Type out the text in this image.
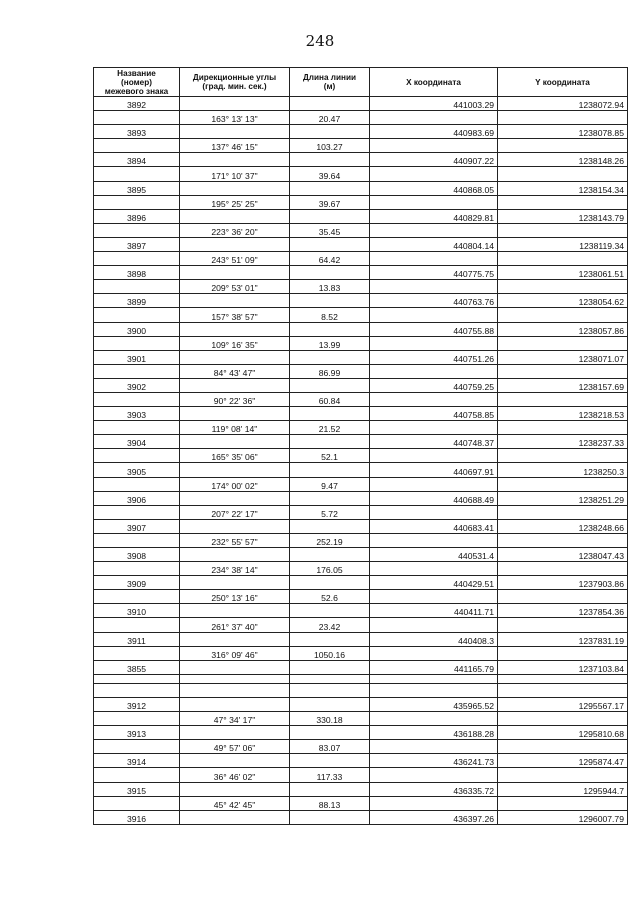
248
Название
(номер)
межевого знака	Дирекционные углы
(град. мин. сек.)	Длина линии
(м)	X координата	Y координата
3892			441003.29	1238072.94
	163° 13' 13"	20.47		
3893			440983.69	1238078.85
	137° 46' 15"	103.27		
3894			440907.22	1238148.26
	171° 10' 37"	39.64		
3895			440868.05	1238154.34
	195° 25' 25"	39.67		
3896			440829.81	1238143.79
	223° 36' 20"	35.45		
3897			440804.14	1238119.34
	243° 51' 09"	64.42		
3898			440775.75	1238061.51
	209° 53' 01"	13.83		
3899			440763.76	1238054.62
	157° 38' 57"	8.52		
3900			440755.88	1238057.86
	109° 16' 35"	13.99		
3901			440751.26	1238071.07
	84° 43' 47"	86.99		
3902			440759.25	1238157.69
	90° 22' 36"	60.84		
3903			440758.85	1238218.53
	119° 08' 14"	21.52		
3904			440748.37	1238237.33
	165° 35' 06"	52.1		
3905			440697.91	1238250.3
	174° 00' 02"	9.47		
3906			440688.49	1238251.29
	207° 22' 17"	5.72		
3907			440683.41	1238248.66
	232° 55' 57"	252.19		
3908			440531.4	1238047.43
	234° 38' 14"	176.05		
3909			440429.51	1237903.86
	250° 13' 16"	52.6		
3910			440411.71	1237854.36
	261° 37' 40"	23.42		
3911			440408.3	1237831.19
	316° 09' 46"	1050.16		
3855			441165.79	1237103.84

3912			435965.52	1295567.17
	47° 34' 17"	330.18		
3913			436188.28	1295810.68
	49° 57' 06"	83.07		
3914			436241.73	1295874.47
	36° 46' 02"	117.33		
3915			436335.72	1295944.7
	45° 42' 45"	88.13		
3916			436397.26	1296007.79
